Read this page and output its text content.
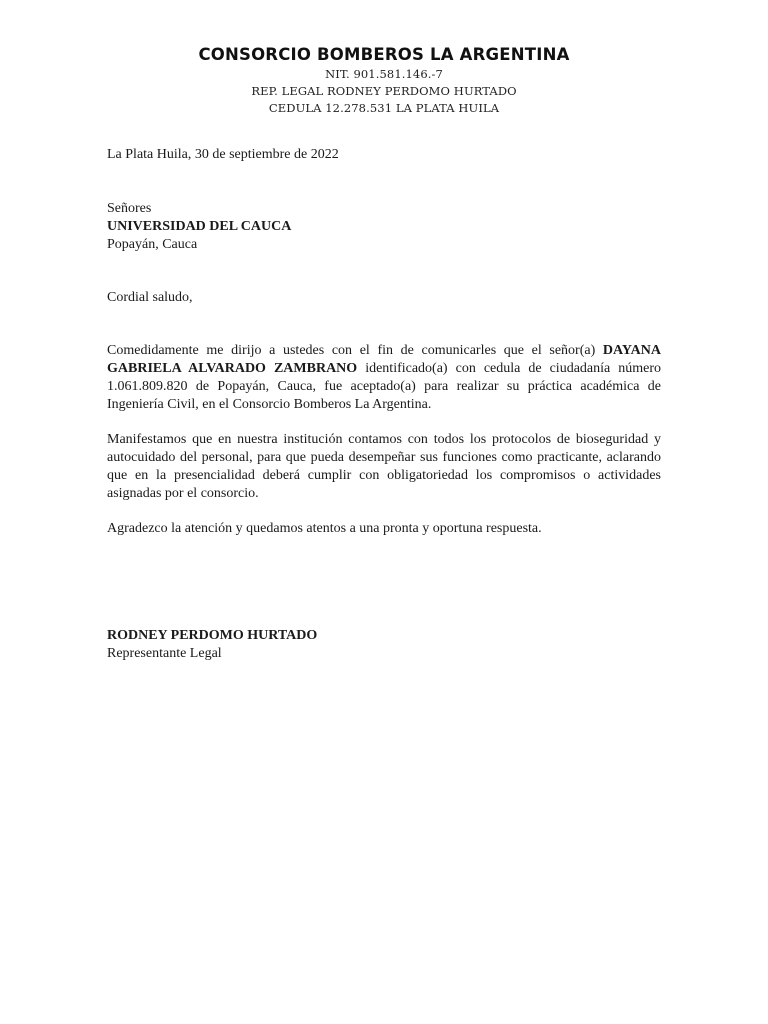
CONSORCIO BOMBEROS LA ARGENTINA
NIT. 901.581.146.-7
REP. LEGAL RODNEY PERDOMO HURTADO
CEDULA 12.278.531 LA PLATA HUILA

La Plata Huila, 30 de septiembre de 2022

Señores

UNIVERSIDAD DEL CAUCA

Popayán, Cauca

Cordial saludo,

Comedidamente me dirijo a ustedes con el fin de comunicarles que el señor(a) DAYANA GABRIELA ALVARADO ZAMBRANO identificado(a) con cedula de ciudadanía número 1.061.809.820 de Popayán, Cauca, fue aceptado(a) para realizar su práctica académica de Ingeniería Civil, en el Consorcio Bomberos La Argentina.

Manifestamos que en nuestra institución contamos con todos los protocolos de bioseguridad y autocuidado del personal, para que pueda desempeñar sus funciones como practicante, aclarando que en la presencialidad deberá cumplir con obligatoriedad los compromisos o actividades asignadas por el consorcio.

Agradezco la atención y quedamos atentos a una pronta y oportuna respuesta.

RODNEY PERDOMO HURTADO

Representante Legal
